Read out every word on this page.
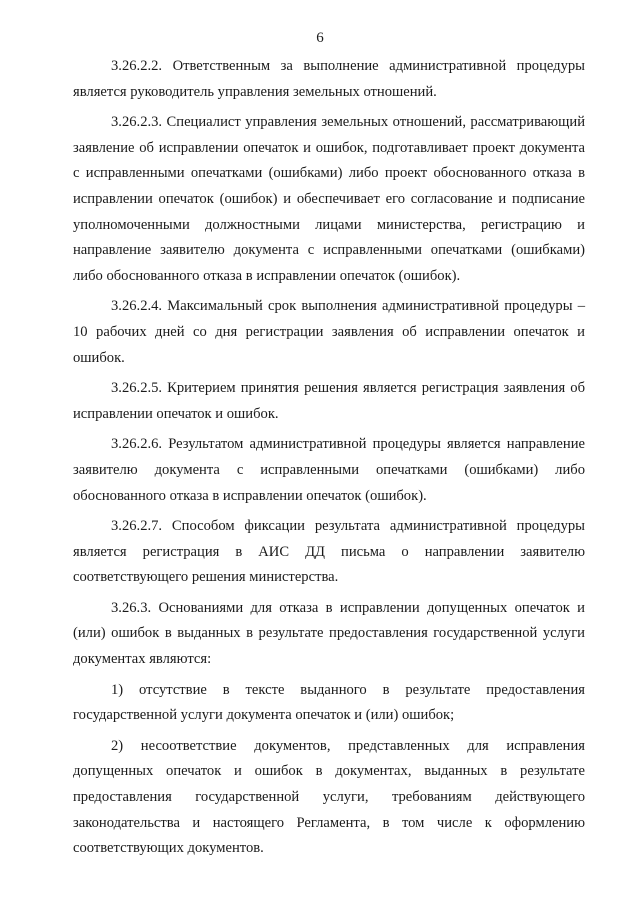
6

3.26.2.2. Ответственным за выполнение административной процедуры является руководитель управления земельных отношений.

3.26.2.3. Специалист управления земельных отношений, рассматривающий заявление об исправлении опечаток и ошибок, подготавливает проект документа с исправленными опечатками (ошибками) либо проект обоснованного отказа в исправлении опечаток (ошибок) и обеспечивает его согласование и подписание уполномоченными должностными лицами министерства, регистрацию и направление заявителю документа с исправленными опечатками (ошибками) либо обоснованного отказа в исправлении опечаток (ошибок).

3.26.2.4. Максимальный срок выполнения административной процедуры – 10 рабочих дней со дня регистрации заявления об исправлении опечаток и ошибок.

3.26.2.5. Критерием принятия решения является регистрация заявления об исправлении опечаток и ошибок.

3.26.2.6. Результатом административной процедуры является направление заявителю документа с исправленными опечатками (ошибками) либо обоснованного отказа в исправлении опечаток (ошибок).

3.26.2.7. Способом фиксации результата административной процедуры является регистрация в АИС ДД письма о направлении заявителю соответствующего решения министерства.

3.26.3. Основаниями для отказа в исправлении допущенных опечаток и (или) ошибок в выданных в результате предоставления государственной услуги документах являются:

1) отсутствие в тексте выданного в результате предоставления государственной услуги документа опечаток и (или) ошибок;

2) несоответствие документов, представленных для исправления допущенных опечаток и ошибок в документах, выданных в результате предоставления государственной услуги, требованиям действующего законодательства и настоящего Регламента, в том числе к оформлению соответствующих документов.
